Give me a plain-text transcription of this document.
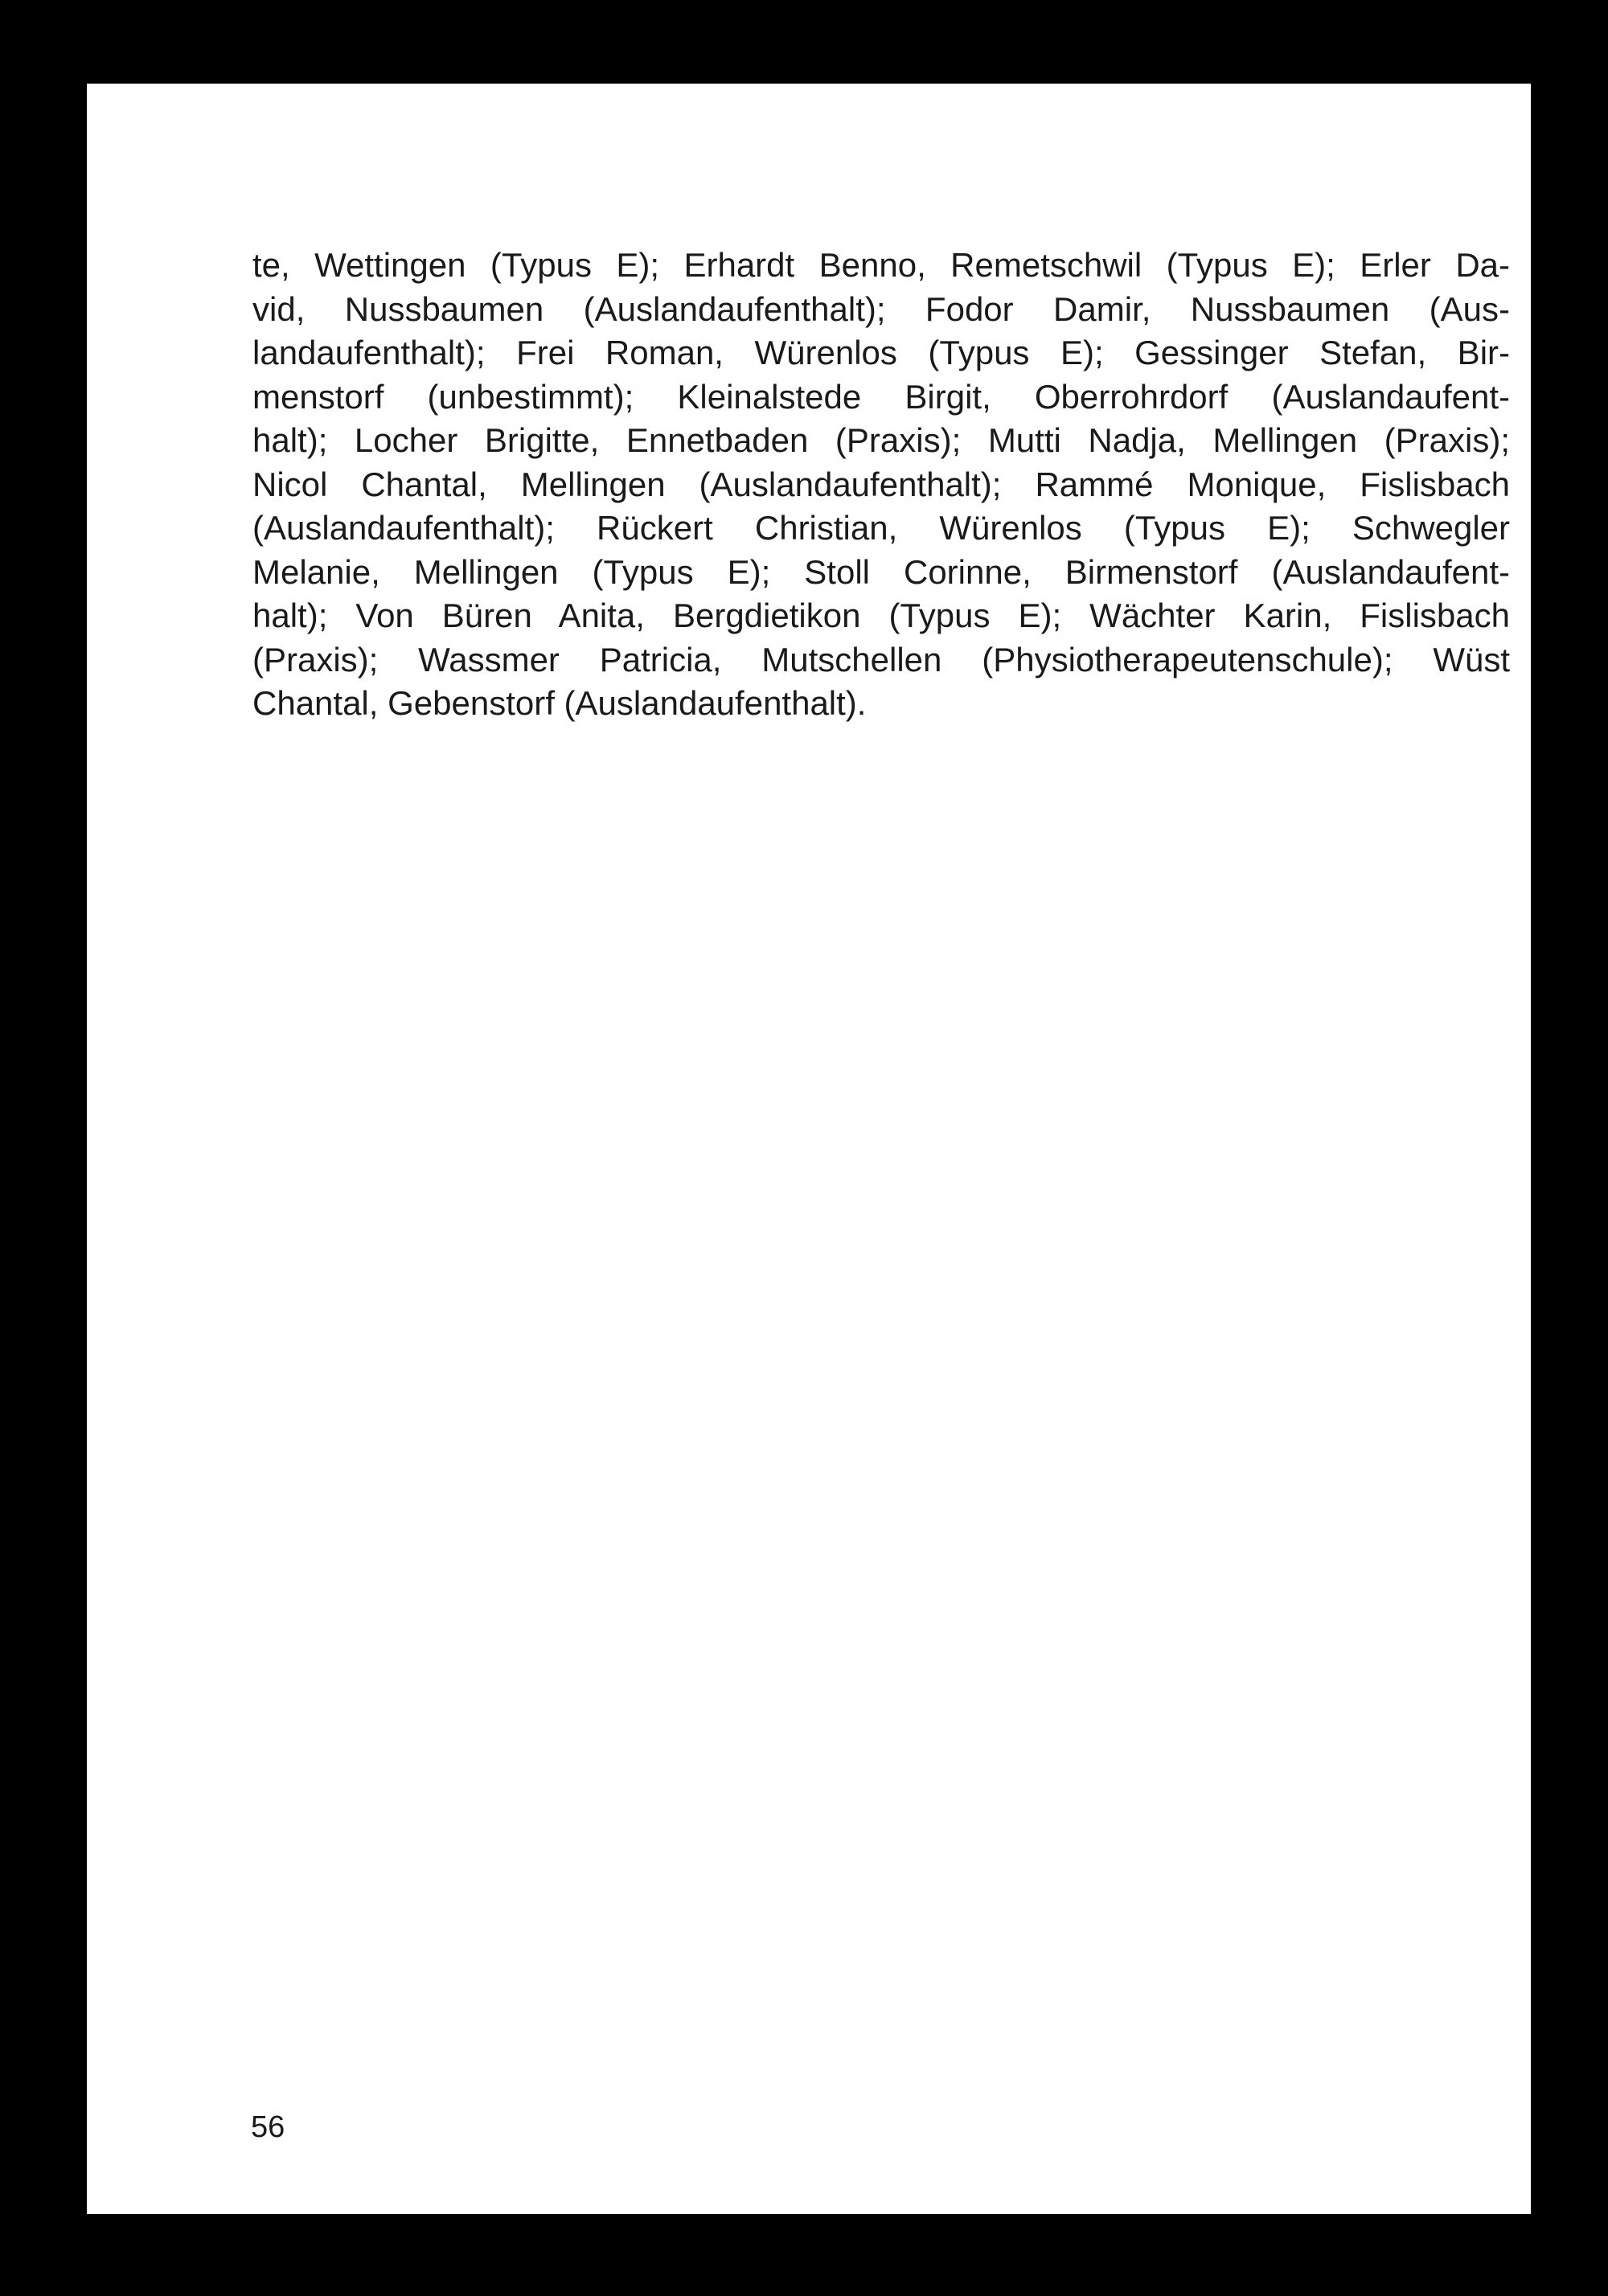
te, Wettingen (Typus E); Erhardt Benno, Remetschwil (Typus E); Erler Da-
vid, Nussbaumen (Auslandaufenthalt); Fodor Damir, Nussbaumen (Aus-
landaufenthalt); Frei Roman, Würenlos (Typus E); Gessinger Stefan, Bir-
menstorf (unbestimmt); Kleinalstede Birgit, Oberrohrdorf (Auslandaufent-
halt); Locher Brigitte, Ennetbaden (Praxis); Mutti Nadja, Mellingen (Praxis);
Nicol Chantal, Mellingen (Auslandaufenthalt); Rammé Monique, Fislisbach
(Auslandaufenthalt); Rückert Christian, Würenlos (Typus E); Schwegler
Melanie, Mellingen (Typus E); Stoll Corinne, Birmenstorf (Auslandaufent-
halt); Von Büren Anita, Bergdietikon (Typus E); Wächter Karin, Fislisbach
(Praxis); Wassmer Patricia, Mutschellen (Physiotherapeutenschule); Wüst
Chantal, Gebenstorf (Auslandaufenthalt).

56
